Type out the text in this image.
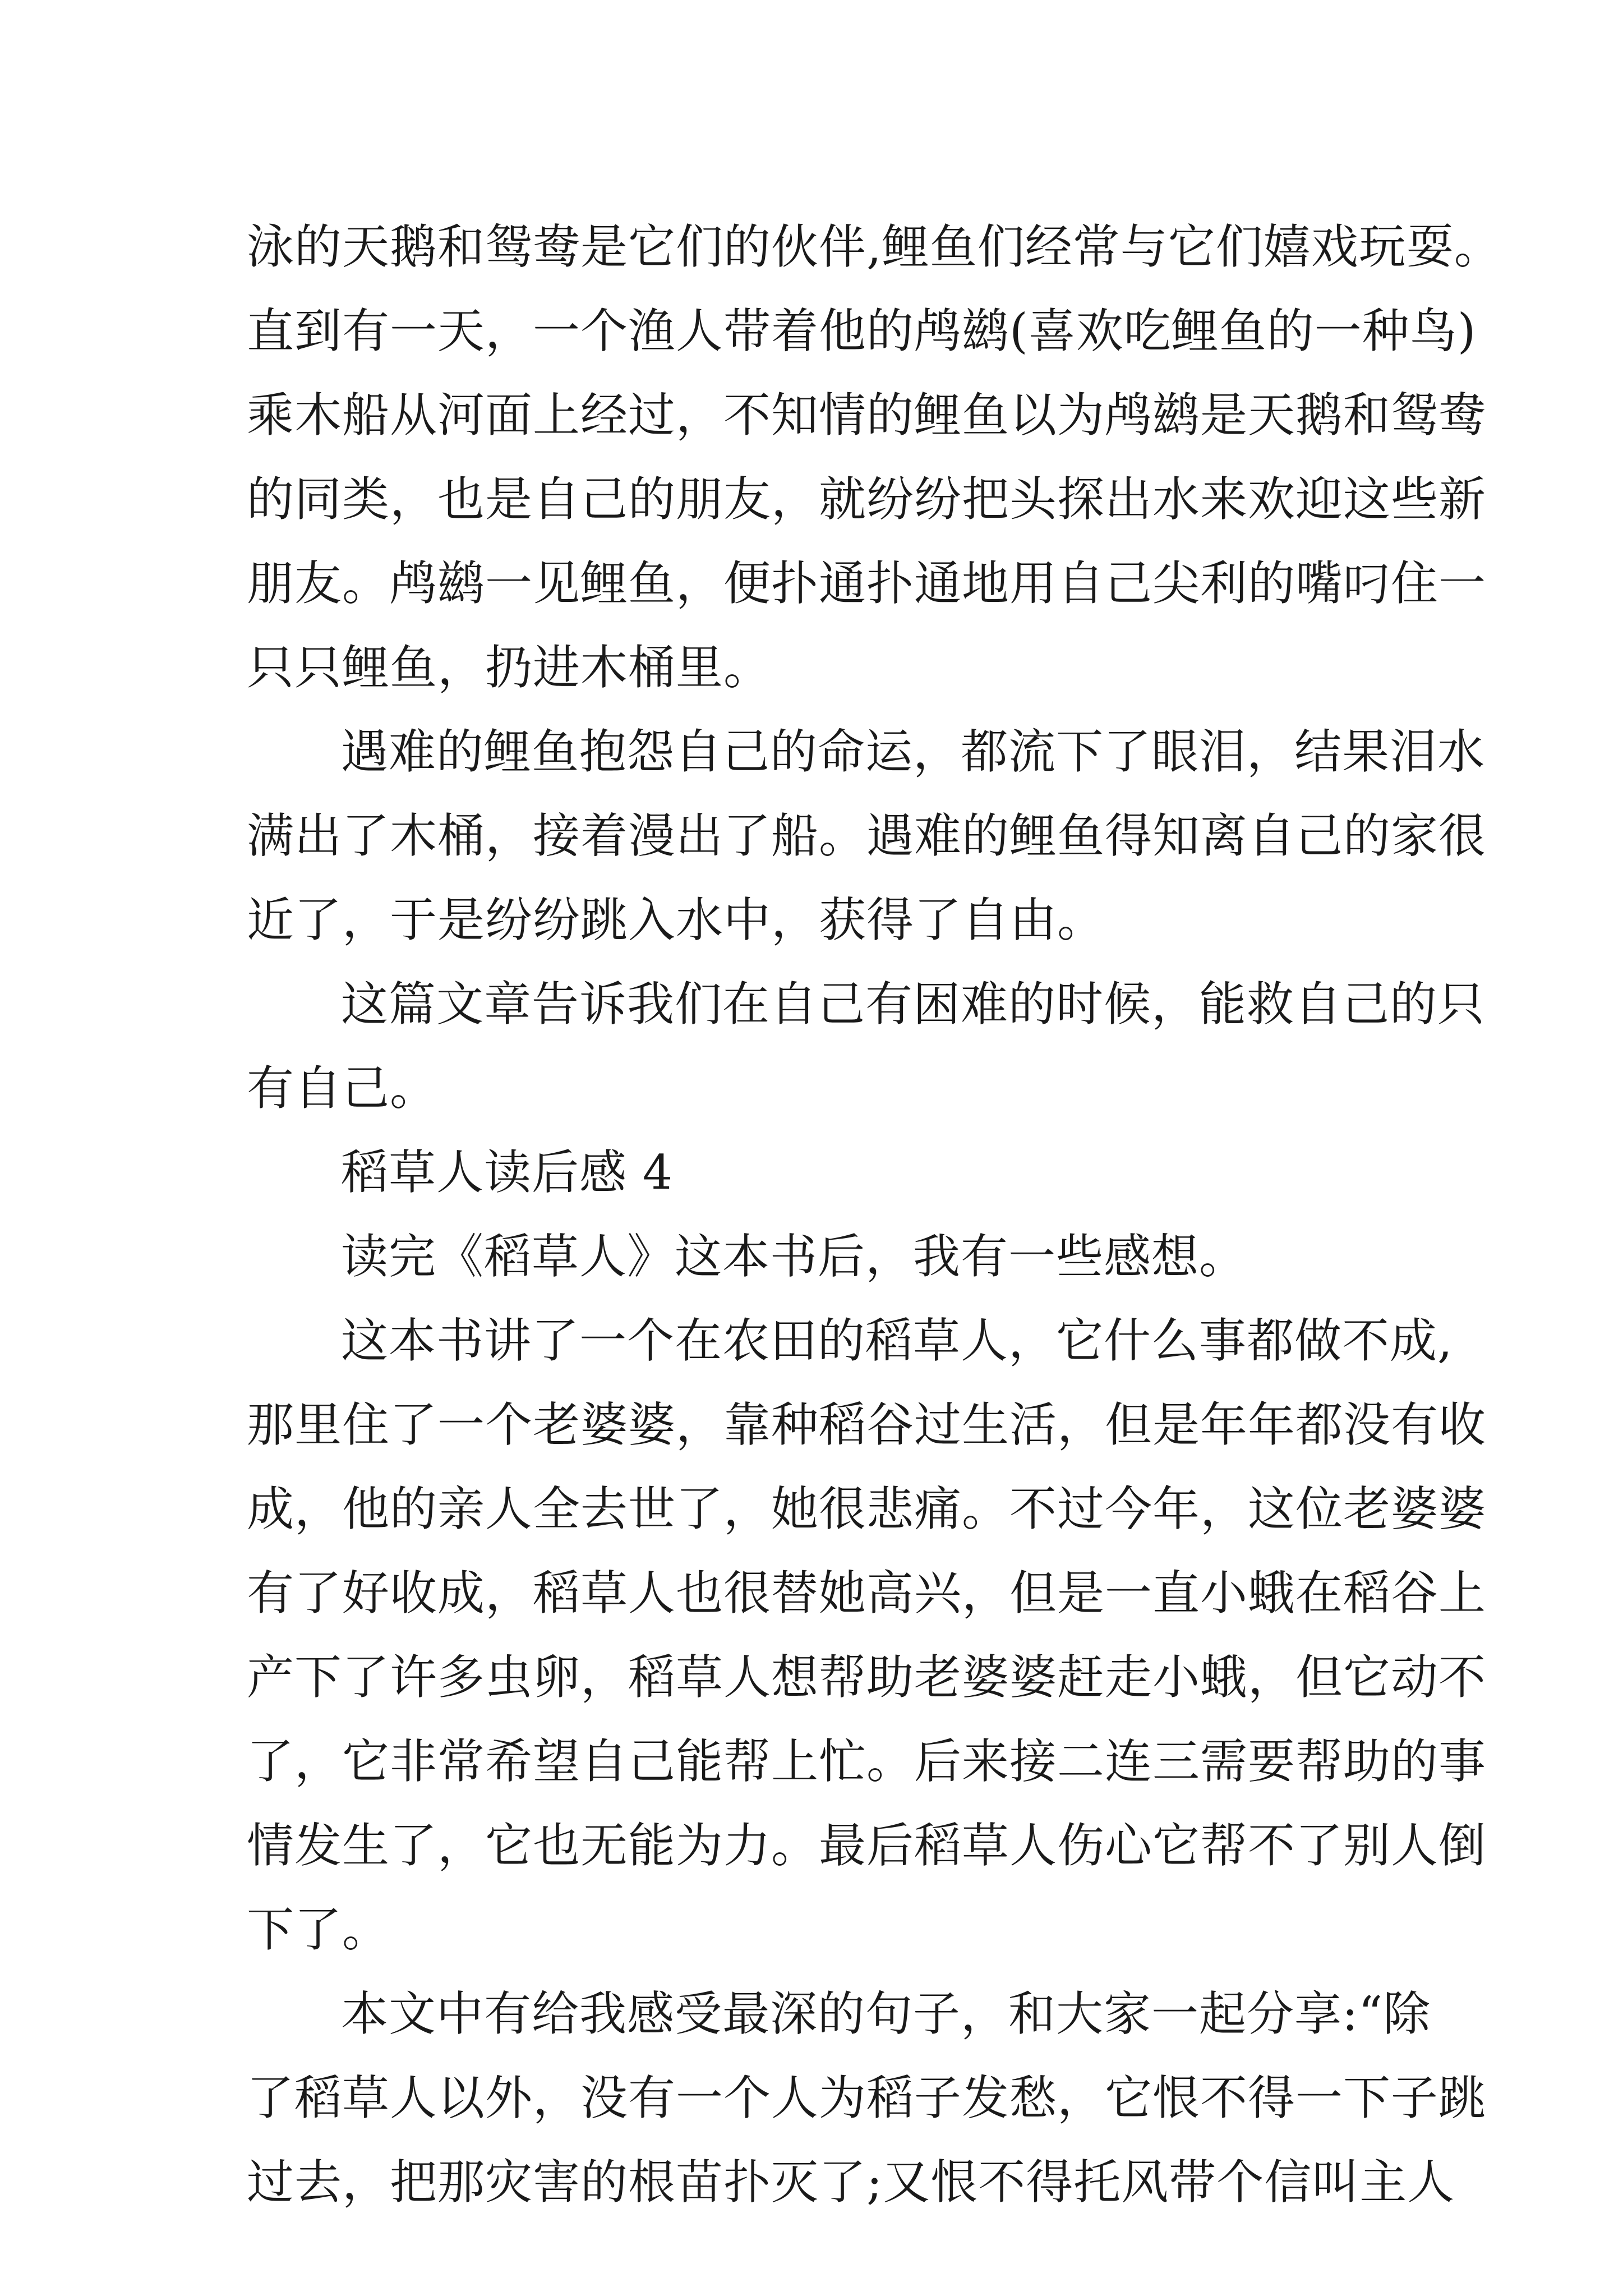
泳的天鹅和鸳鸯是它们的伙伴,鲤鱼们经常与它们嬉戏玩耍。
直到有一天，一个渔人带着他的鸬鹚(喜欢吃鲤鱼的一种鸟)
乘木船从河面上经过，不知情的鲤鱼以为鸬鹚是天鹅和鸳鸯
的同类，也是自己的朋友，就纷纷把头探出水来欢迎这些新
朋友。鸬鹚一见鲤鱼，便扑通扑通地用自己尖利的嘴叼住一
只只鲤鱼，扔进木桶里。
遇难的鲤鱼抱怨自己的命运，都流下了眼泪，结果泪水
满出了木桶，接着漫出了船。遇难的鲤鱼得知离自己的家很
近了，于是纷纷跳入水中，获得了自由。
这篇文章告诉我们在自己有困难的时候，能救自己的只
有自己。
稻草人读后感 4
读完《稻草人》这本书后，我有一些感想。
这本书讲了一个在农田的稻草人，它什么事都做不成,
那里住了一个老婆婆，靠种稻谷过生活，但是年年都没有收
成，他的亲人全去世了，她很悲痛。不过今年，这位老婆婆
有了好收成，稻草人也很替她高兴，但是一直小蛾在稻谷上
产下了许多虫卵，稻草人想帮助老婆婆赶走小蛾，但它动不
了，它非常希望自己能帮上忙。后来接二连三需要帮助的事
情发生了，它也无能为力。最后稻草人伤心它帮不了别人倒
下了。
本文中有给我感受最深的句子，和大家一起分享:“除
了稻草人以外，没有一个人为稻子发愁，它恨不得一下子跳
过去，把那灾害的根苗扑灭了;又恨不得托风带个信叫主人
